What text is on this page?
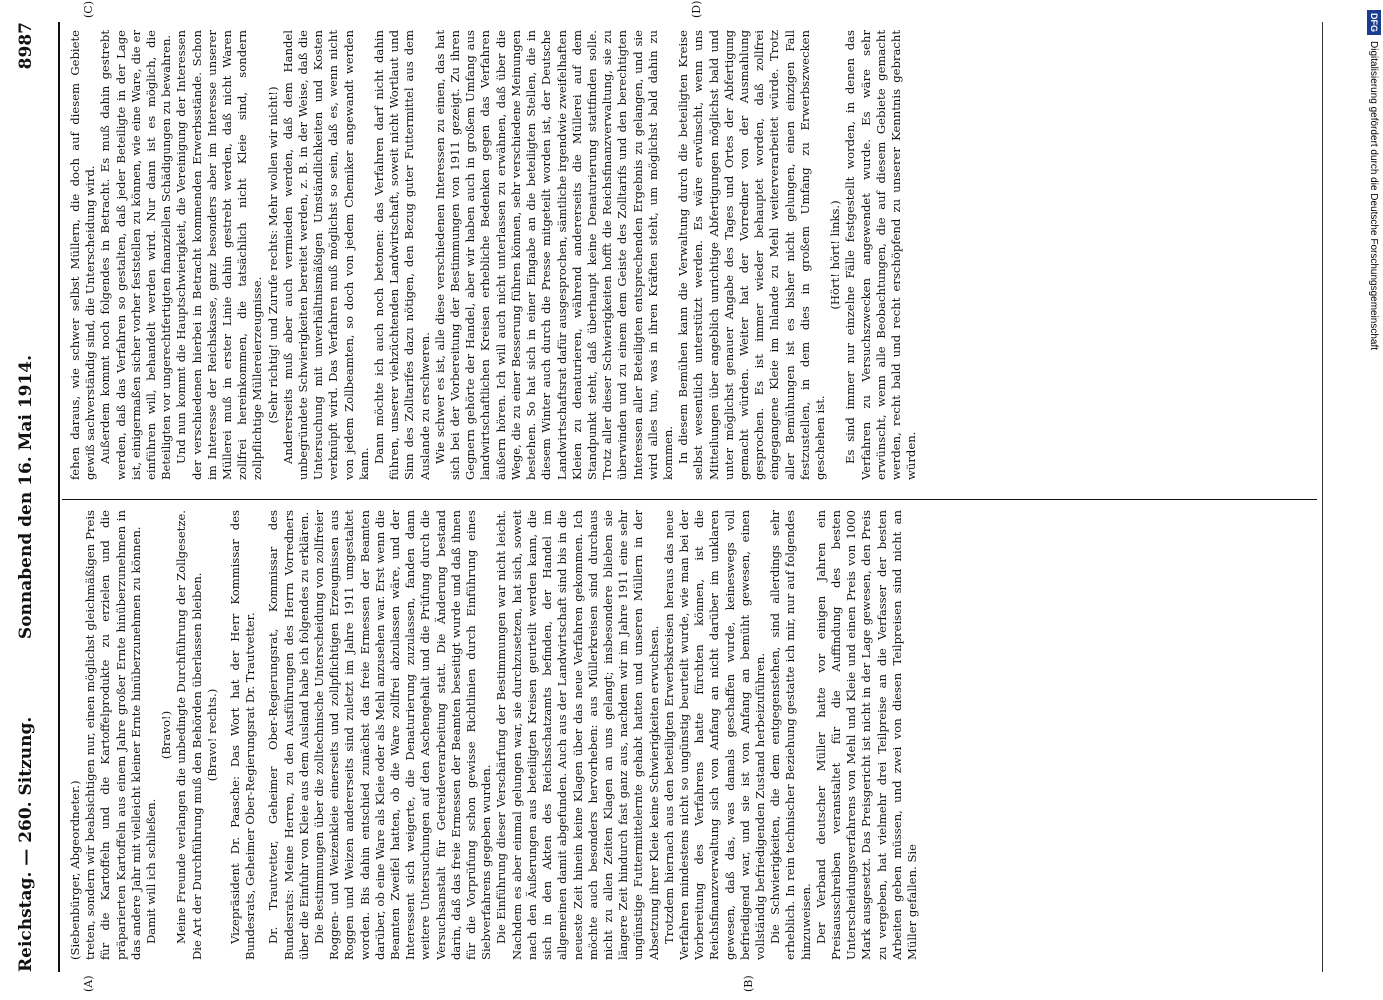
Reichstag. — 260. Sitzung.
Sonnabend den 16. Mai 1914.
8987
(A)	(B)
(C)	(D)

(Siebenbürger, Abgeordneter.) treten, sondern wir beabsichtigen nur, einen möglichst gleichmäßigen Preis für die Kartoffeln und die Kartoffelprodukte zu erzielen und die präparierten Kartoffeln aus einem Jahre großer Ernte hinüberzunehmen in das andere Jahr mit vielleicht kleiner Ernte hinüberzunehmen zu können. Damit will ich schließen.

(Bravo!) Meine Freunde verlangen die unbedingte Durchführung der Zollgesetze. Die Art der Durchführung muß den Behörden überlassen bleiben. (Bravo! rechts.) Vizepräsident Dr. Paasche: Das Wort hat der Herr Kommissar des Bundesrats, Geheimer Ober-Regierungsrat Dr. Trautvetter. Dr. Trautvetter, Geheimer Ober-Regierungsrat, Kommissar des Bundesrats: Meine Herren, zu den Ausführungen des Herrn Vorredners über die Einfuhr von Kleie aus dem Ausland habe ich folgendes zu erklären. Die Bestimmungen über die zolltechnische Unterscheidung von zollfreier Roggen- und Weizenkleie einerseits und zollpflichtigen Erzeugnissen aus Roggen und Weizen andererseits sind zuletzt im Jahre 1911 umgestaltet worden. Bis dahin entschied zunächst das freie Ermessen der Beamten darüber, ob eine Ware als Kleie oder als Mehl anzusehen war. Erst wenn die Beamten Zweifel hatten, ob die Ware zollfrei abzulassen wäre, und der Interessent sich weigerte, die Denaturierung zuzulassen, fanden dann weitere Untersuchungen auf den Aschengehalt und die Prüfung durch die Versuchsanstalt für Getreideverarbeitung statt. Die Änderung bestand darin, daß das freie Ermessen der Beamten beseitigt wurde und daß ihnen für die Vorprüfung schon gewisse Richtlinien durch Einführung eines Siebverfahrens gegeben wurden. Die Einführung dieser Verschärfung der Bestimmungen war nicht leicht. Nachdem es aber einmal gelungen war, sie durchzusetzen, hat sich, soweit nach den Äußerungen aus beteiligten Kreisen geurteilt werden kann, die sich in den Akten des Reichsschatzamts befinden, der Handel im allgemeinen damit abgefunden. Auch aus der Landwirtschaft sind bis in die neueste Zeit hinein keine Klagen über das neue Verfahren gekommen. Ich möchte auch besonders hervorheben: aus Müllerkreisen sind durchaus nicht zu allen Zeiten Klagen an uns gelangt; insbesondere blieben sie längere Zeit hindurch fast ganz aus, nachdem wir im Jahre 1911 eine sehr ungünstige Futtermittelernte gehabt hatten und unseren Müllern in der Absetzung ihrer Kleie keine Schwierigkeiten erwuchsen. Trotzdem hiernach aus den beteiligten Erwerbskreisen heraus das neue Verfahren mindestens nicht so ungünstig beurteilt wurde, wie man bei der Vorbereitung des Verfahrens hatte fürchten können, ist die Reichsfinanzverwaltung sich von Anfang an nicht darüber im unklaren gewesen, daß das, was damals geschaffen wurde, keineswegs voll befriedigend war, und sie ist von Anfang an bemüht gewesen, einen vollständig befriedigenden Zustand herbeizuführen. Die Schwierigkeiten, die dem entgegenstehen, sind allerdings sehr erheblich. In rein technischer Beziehung gestatte ich mir, nur auf folgendes hinzuweisen. Der Verband deutscher Müller hatte vor einigen Jahren ein Preisausschreiben veranstaltet für die Auffindung des besten Unterscheidungsverfahrens von Mehl und Kleie und einen Preis von 1000 Mark ausgesetzt. Das Preisgericht ist nicht in der Lage gewesen, den Preis zu vergeben, hat vielmehr drei Teilpreise an die Verfasser der besten Arbeiten geben müssen, und zwei von diesen Teilpreisen sind nicht an Müller gefallen. Sie

fehen daraus, wie schwer selbst Müllern, die doch auf diesem Gebiete gewiß sachverständig sind, die Unterscheidung wird. Außerdem kommt noch folgendes in Betracht. Es muß dahin gestrebt werden, daß das Verfahren so gestalten, daß jeder Beteiligte in der Lage ist, einigermaßen sicher vorher feststellen zu können, wie eine Ware, die er einführen will, behandelt werden wird. Nur dann ist es möglich, die Beteiligten vor ungerechtfertigten finanziellen Schädigungen zu bewahren. Und nun kommt die Hauptschwierigkeit, die Vereinigung der Interessen der verschiedenen hierbei in Betracht kommenden Erwerbsstände. Schon im Interesse der Reichskasse, ganz besonders aber im Interesse unserer Müllerei muß in erster Linie dahin gestrebt werden, daß nicht Waren zollfrei hereinkommen, die tatsächlich nicht Kleie sind, sondern zollpflichtige Müllereierzeugnisse. (Sehr richtig! und Zurufe rechts: Mehr wollen wir nicht!) Andererseits muß aber auch vermieden werden, daß dem Handel unbegründete Schwierigkeiten bereitet werden, z. B. in der Weise, daß die Untersuchung mit unverhältnismäßigen Umständlichkeiten und Kosten verknüpft wird. Das Verfahren muß möglichst so sein, daß es, wenn nicht von jedem Zollbeamten, so doch von jedem Chemiker angewandt werden kann. Dann möchte ich auch noch betonen: das Verfahren darf nicht dahin führen, unserer viehzüchtenden Landwirtschaft, soweit nicht Wortlaut und Sinn des Zolltarifes dazu nötigen, den Bezug guter Futtermittel aus dem Auslande zu erschweren. Wie schwer es ist, alle diese verschiedenen Interessen zu einen, das hat sich bei der Vorbereitung der Bestimmungen von 1911 gezeigt. Zu ihren Gegnern gehörte der Handel, aber wir haben auch in großem Umfang aus landwirtschaftlichen Kreisen erhebliche Bedenken gegen das Verfahren äußern hören. Ich will auch nicht unterlassen zu erwähnen, daß über die Wege, die zu einer Besserung führen können, sehr verschiedene Meinungen bestehen. So hat sich in einer Eingabe an die beteiligten Stellen, die in diesem Winter auch durch die Presse mitgeteilt worden ist, der Deutsche Landwirtschaftsrat dafür ausgesprochen, sämtliche irgendwie zweifelhaften Kleien zu denaturieren, während andererseits die Müllerei auf dem Standpunkt steht, daß überhaupt keine Denaturierung stattfinden solle. Trotz aller dieser Schwierigkeiten hofft die Reichsfinanzverwaltung, sie zu überwinden und zu einem dem Geiste des Zolltarifs und den berechtigten Interessen aller Beteiligten entsprechenden Ergebnis zu gelangen, und sie wird alles tun, was in ihren Kräften steht, um möglichst bald dahin zu kommen. In diesem Bemühen kann die Verwaltung durch die beteiligten Kreise selbst wesentlich unterstützt werden. Es wäre erwünscht, wenn uns Mitteilungen über angeblich unrichtige Abfertigungen möglichst bald und unter möglichst genauer Angabe des Tages und Ortes der Abfertigung gemacht würden. Weiter hat der Vorredner von der Ausmahlung gesprochen. Es ist immer wieder behauptet worden, daß zollfrei eingegangene Kleie im Inlande zu Mehl weiterverarbeitet würde. Trotz aller Bemühungen ist es bisher nicht gelungen, einen einzigen Fall festzustellen, in dem dies in großem Umfang zu Erwerbszwecken geschehen ist.

(Hört! hört! links.) Es sind immer nur einzelne Fälle festgestellt worden, in denen das Verfahren zu Versuchszwecken angewendet wurde. Es wäre sehr erwünscht, wenn alle Beobachtungen, die auf diesem Gebiete gemacht werden, recht bald und recht erschöpfend zu unserer Kenntnis gebracht würden.

DFGDigitalisierung gefördert durch die Deutsche Forschungsgemeinschaft
